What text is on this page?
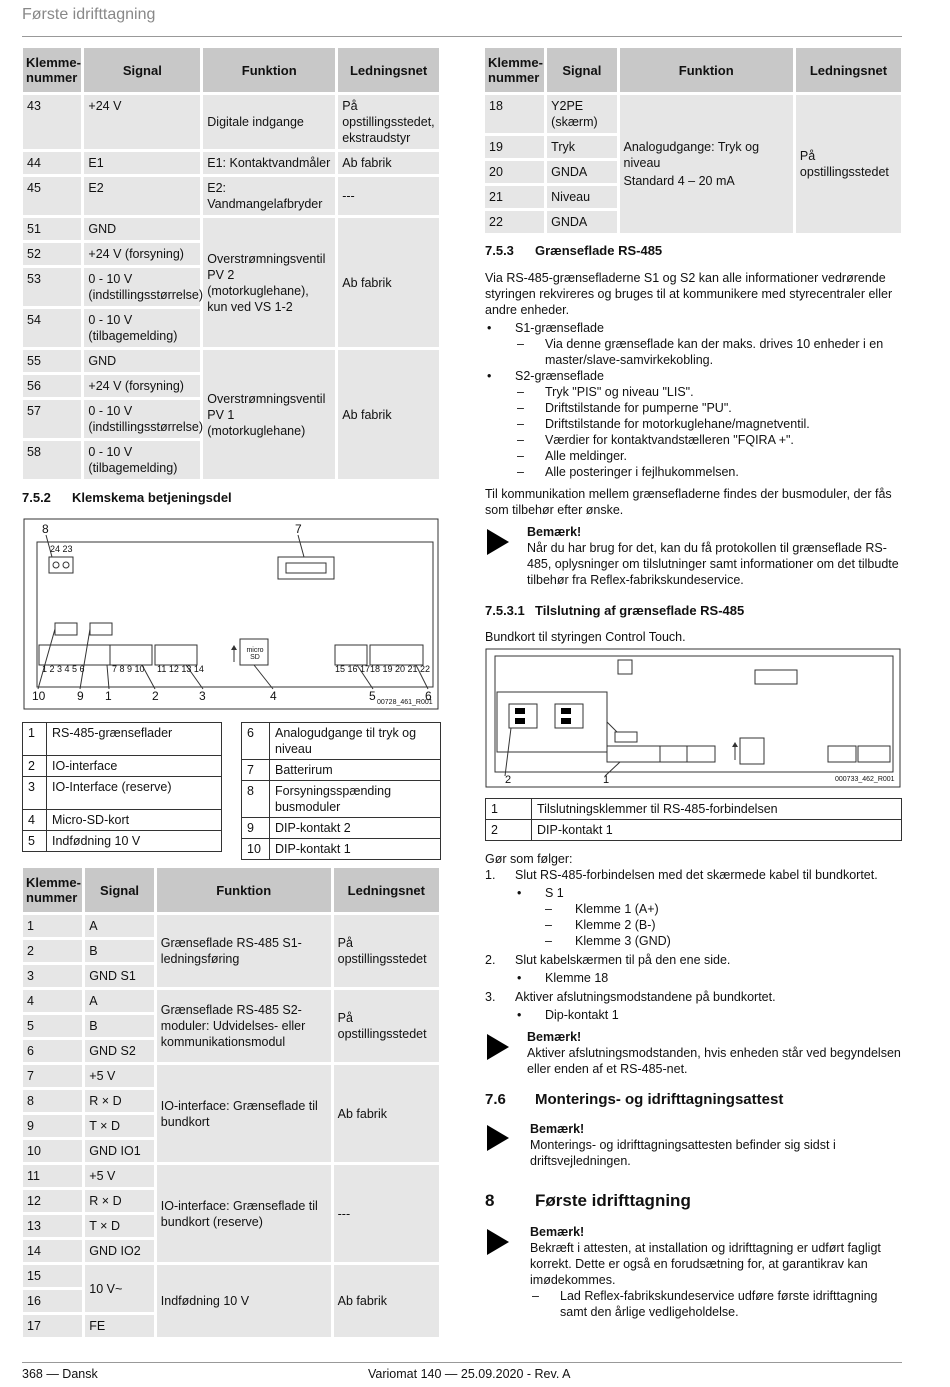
Første idrifttagning
Klemme-
nummer	Signal	Funktion	Ledningsnet
43	+24 V	Digitale indgange	På opstillingsstedet, ekstraudstyr
44	E1	E1: Kontaktvandmåler	Ab fabrik
45	E2	E2: Vandmangelafbryder	---
51	GND	Overstrømningsventil PV 2 (motorkuglehane), kun ved VS 1-2	Ab fabrik
52	+24 V (forsyning)		
53	0 - 10 V (indstillingsstørrelse)		
54	0 - 10 V (tilbagemelding)		
55	GND	Overstrømningsventil PV 1 (motorkuglehane)	Ab fabrik
56	+24 V (forsyning)		
57	0 - 10 V (indstillingsstørrelse)		
58	0 - 10 V (tilbagemelding)		
7.5.2 Klemskema betjeningsdel
8	7
24 23
1 2 3 4 5 6	7 8 9 10 11 12 13 14	15 16 17 18 19 20 21 22
micro SD
10	9 1	2	3	4	5	6
00728_461_R001
1	RS-485-grænseflader
2	IO-interface
3	IO-Interface (reserve)
4	Micro-SD-kort
5	Indfødning 10 V
6	Analogudgange til tryk og niveau
7	Batterirum
8	Forsyningsspænding busmoduler
9	DIP-kontakt 2
10	DIP-kontakt 1
Klemme-
nummer	Signal	Funktion	Ledningsnet
1	A	Grænseflade RS-485 S1-ledningsføring	På opstillingsstedet
2	B		
3	GND S1		
4	A	Grænseflade RS-485 S2-moduler: Udvidelses- eller kommunikationsmodul	På opstillingsstedet
5	B		
6	GND S2		
7	+5 V	IO-interface: Grænseflade til bundkort	Ab fabrik
8	R × D		
9	T × D		
10	GND IO1		
11	+5 V	IO-interface: Grænseflade til bundkort (reserve)	---
12	R × D		
13	T × D		
14	GND IO2		
15	10 V~	Indfødning 10 V	Ab fabrik
16			
17	FE		
Klemme-
nummer	Signal	Funktion	Ledningsnet
18	Y2PE (skærm)	Analogudgange: Tryk og niveau
Standard 4 – 20 mA	På opstillingsstedet
19	Tryk		
20	GNDA		
21	Niveau		
22	GNDA		
7.5.3 Grænseflade RS-485
Via RS-485-grænsefladerne S1 og S2 kan alle informationer vedrørende styringen rekvireres og bruges til at kommunikere med styrecentraler eller andre enheder.
• S1-grænseflade
– Via denne grænseflade kan der maks. drives 10 enheder i en master/slave-samvirkekobling.
• S2-grænseflade
– Tryk "PIS" og niveau "LIS".
– Driftstilstande for pumperne "PU".
– Driftstilstande for motorkuglehane/magnetventil.
– Værdier for kontaktvandstælleren "FQIRA +".
– Alle meldinger.
– Alle posteringer i fejlhukommelsen.
Til kommunikation mellem grænsefladerne findes der busmoduler, der fås som tilbehør efter ønske.
Bemærk!
Når du har brug for det, kan du få protokollen til grænseflade RS-485, oplysninger om tilslutninger samt informationer om det tilbudte tilbehør fra Reflex-fabrikskundeservice.
7.5.3.1 Tilslutning af grænseflade RS-485
Bundkort til styringen Control Touch.
2	1	000733_462_R001
1	Tilslutningsklemmer til RS-485-forbindelsen
2	DIP-kontakt 1
Gør som følger:
1. Slut RS-485-forbindelsen med det skærmede kabel til bundkortet.
• S 1
– Klemme 1 (A+)
– Klemme 2 (B-)
– Klemme 3 (GND)
2. Slut kabelskærmen til på den ene side.
• Klemme 18
3. Aktiver afslutningsmodstandene på bundkortet.
• Dip-kontakt 1
Bemærk!
Aktiver afslutningsmodstanden, hvis enheden står ved begyndelsen eller enden af et RS-485-net.
7.6 Monterings- og idrifttagningsattest
Bemærk!
Monterings- og idrifttagningsattesten befinder sig sidst i driftsvejledningen.
8 Første idrifttagning
Bemærk!
Bekræft i attesten, at installation og idrifttagning er udført fagligt korrekt. Dette er også en forudsætning for, at garantikrav kan imødekommes.
– Lad Reflex-fabrikskundeservice udføre første idrifttagning samt den årlige vedligeholdelse.
368 — Dansk	Variomat 140 — 25.09.2020 - Rev. A
